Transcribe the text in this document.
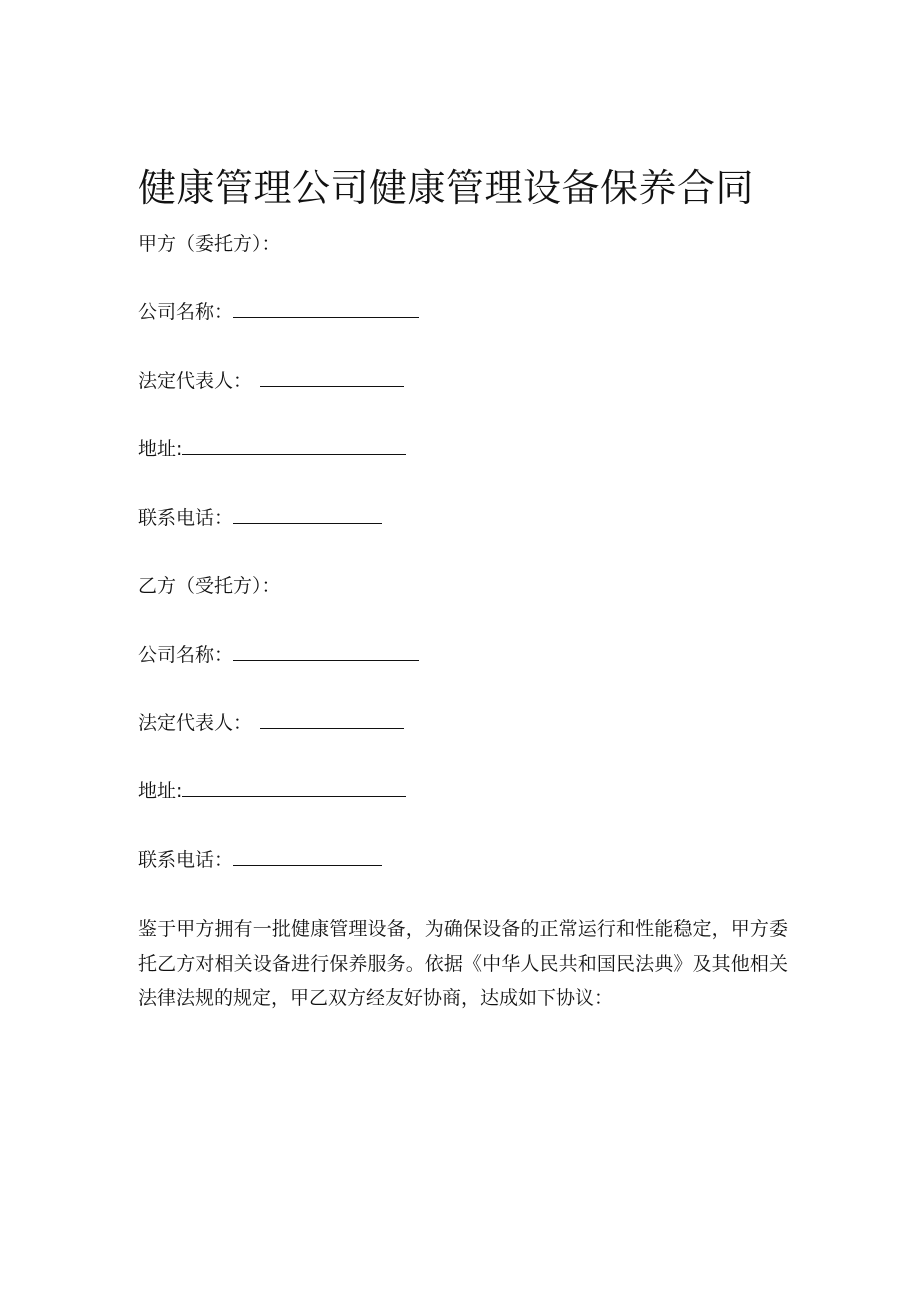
健康管理公司健康管理设备保养合同
甲方（委托方）：
公司名称：
法定代表人：
地址:
联系电话：
乙方（受托方）：
公司名称：
法定代表人：
地址:
联系电话：

鉴于甲方拥有一批健康管理设备，为确保设备的正常运行和性能稳定，甲方委托乙方对相关设备进行保养服务。依据《中华人民共和国民法典》及其他相关法律法规的规定，甲乙双方经友好协商，达成如下协议：
